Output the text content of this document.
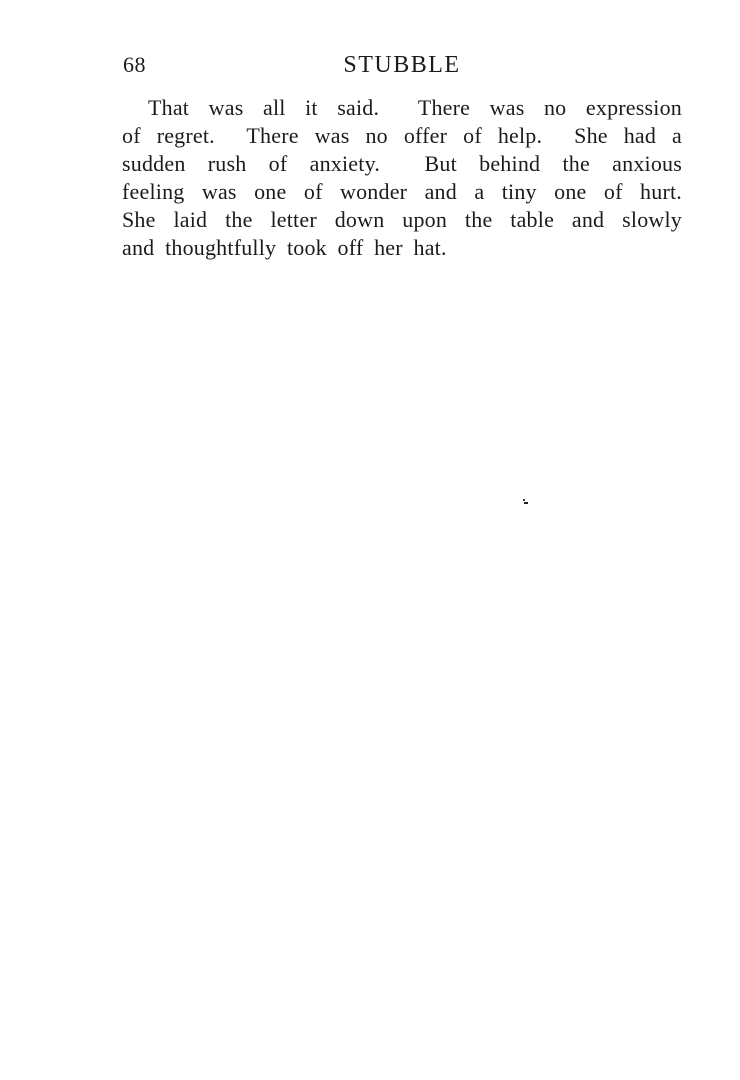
68	STUBBLE
That was all it said.  There was no expression
of regret.  There was no offer of help.  She had a
sudden rush of anxiety.  But behind the anxious
feeling was one of wonder and a tiny one of hurt.
She laid the letter down upon the table and slowly
and thoughtfully took off her hat.
